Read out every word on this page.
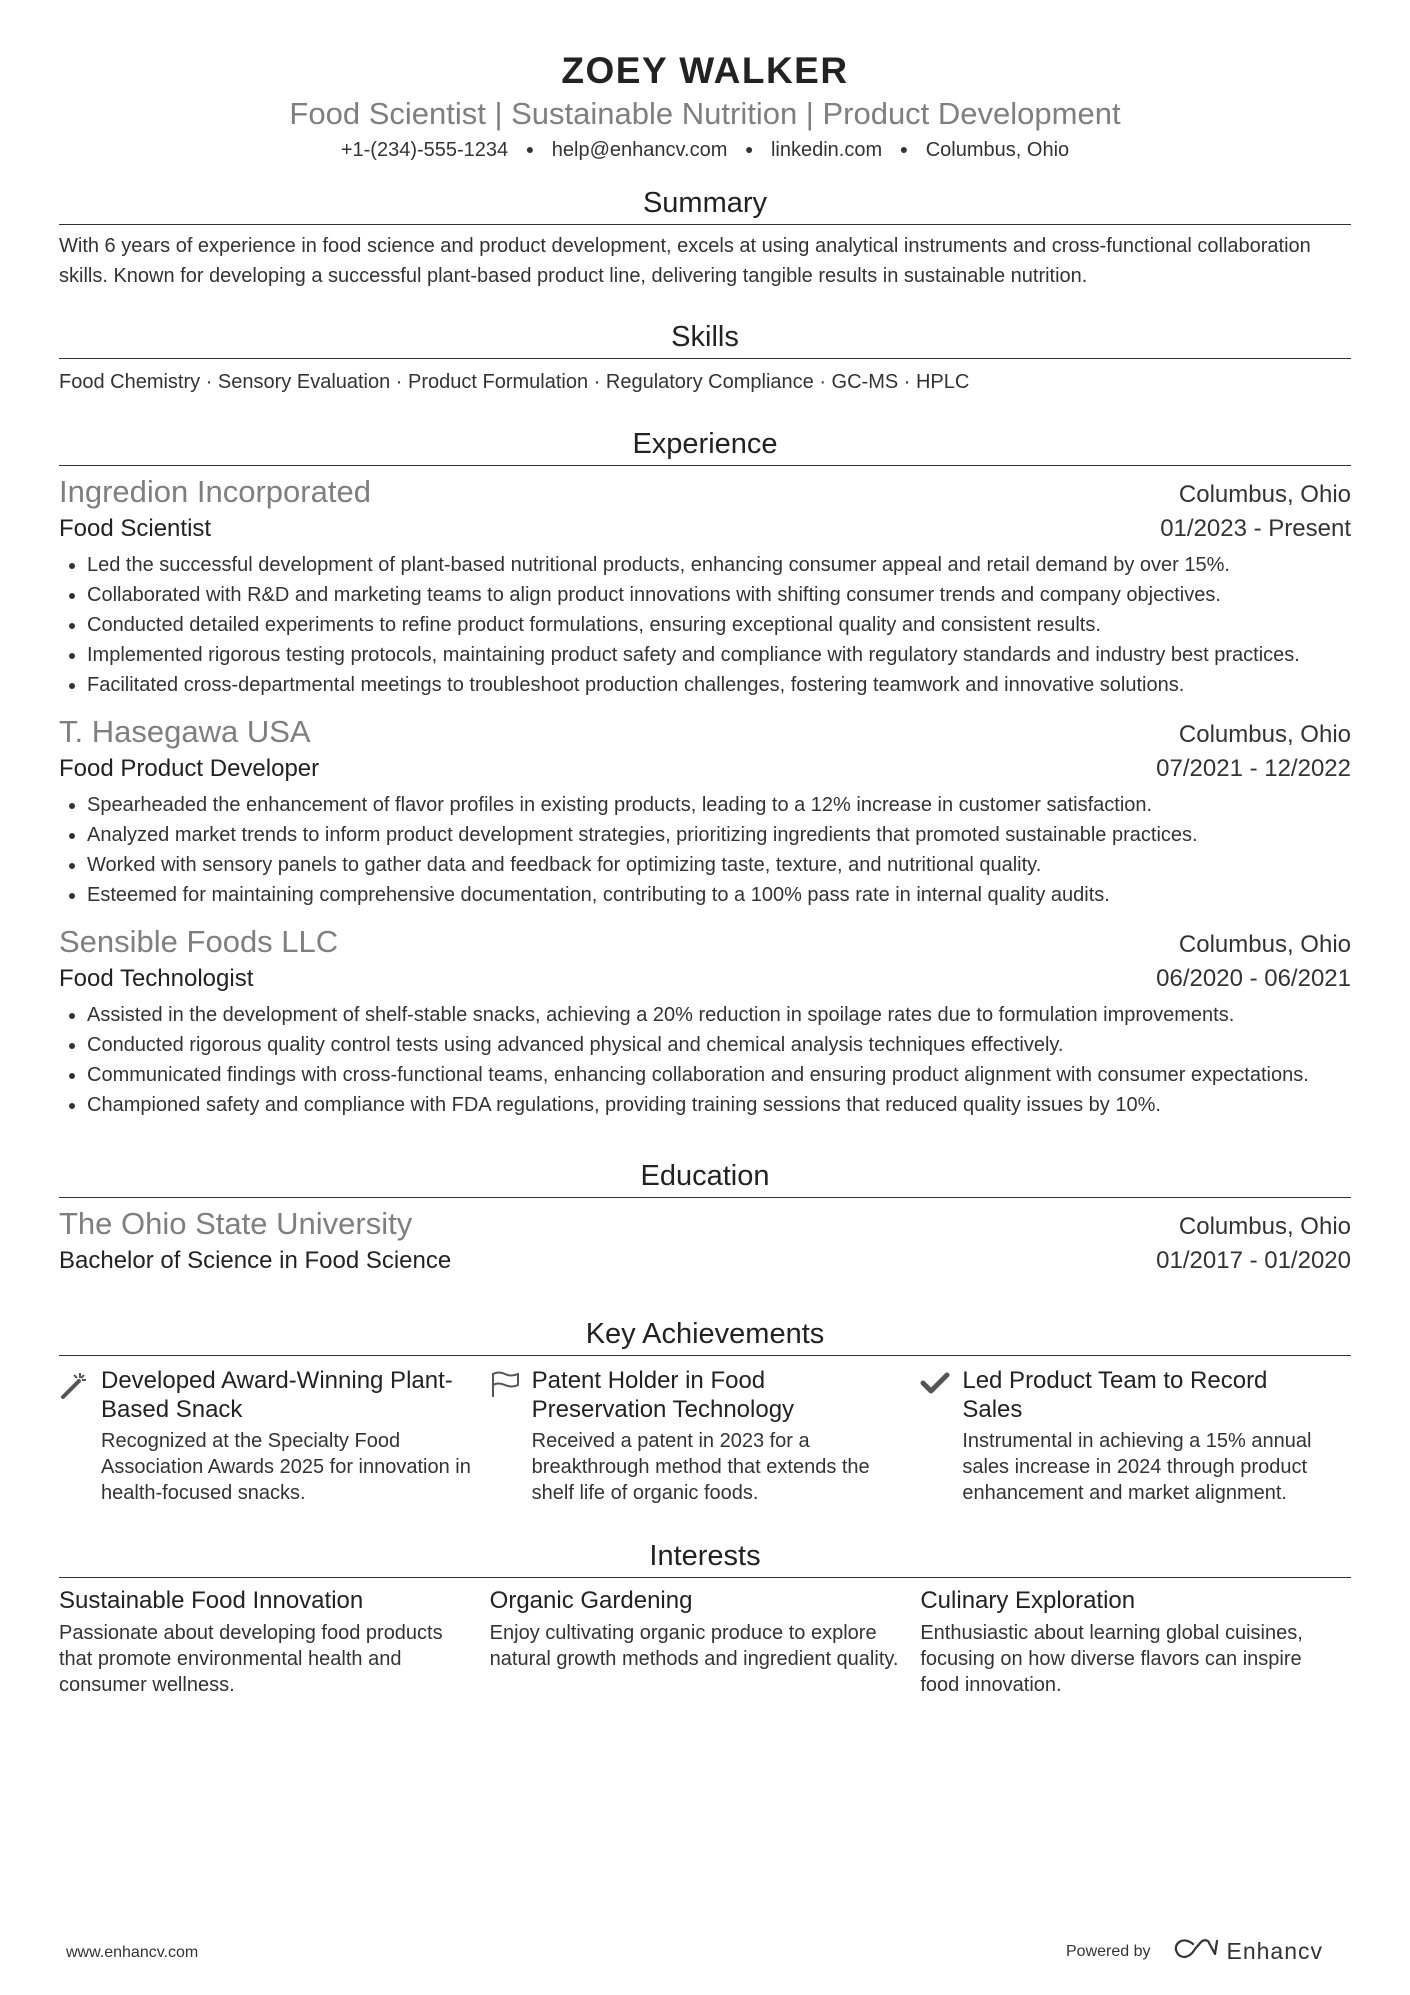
ZOEY WALKER
Food Scientist | Sustainable Nutrition | Product Development
+1-(234)-555-1234 ● help@enhancv.com ● linkedin.com ● Columbus, Ohio
Summary
With 6 years of experience in food science and product development, excels at using analytical instruments and cross-functional collaboration skills. Known for developing a successful plant-based product line, delivering tangible results in sustainable nutrition.
Skills
Food Chemistry · Sensory Evaluation · Product Formulation · Regulatory Compliance · GC-MS · HPLC
Experience
Ingredion Incorporated	Columbus, Ohio
Food Scientist	01/2023 - Present
• Led the successful development of plant-based nutritional products, enhancing consumer appeal and retail demand by over 15%.
• Collaborated with R&D and marketing teams to align product innovations with shifting consumer trends and company objectives.
• Conducted detailed experiments to refine product formulations, ensuring exceptional quality and consistent results.
• Implemented rigorous testing protocols, maintaining product safety and compliance with regulatory standards and industry best practices.
• Facilitated cross-departmental meetings to troubleshoot production challenges, fostering teamwork and innovative solutions.
T. Hasegawa USA	Columbus, Ohio
Food Product Developer	07/2021 - 12/2022
• Spearheaded the enhancement of flavor profiles in existing products, leading to a 12% increase in customer satisfaction.
• Analyzed market trends to inform product development strategies, prioritizing ingredients that promoted sustainable practices.
• Worked with sensory panels to gather data and feedback for optimizing taste, texture, and nutritional quality.
• Esteemed for maintaining comprehensive documentation, contributing to a 100% pass rate in internal quality audits.
Sensible Foods LLC	Columbus, Ohio
Food Technologist	06/2020 - 06/2021
• Assisted in the development of shelf-stable snacks, achieving a 20% reduction in spoilage rates due to formulation improvements.
• Conducted rigorous quality control tests using advanced physical and chemical analysis techniques effectively.
• Communicated findings with cross-functional teams, enhancing collaboration and ensuring product alignment with consumer expectations.
• Championed safety and compliance with FDA regulations, providing training sessions that reduced quality issues by 10%.
Education
The Ohio State University	Columbus, Ohio
Bachelor of Science in Food Science	01/2017 - 01/2020
Key Achievements
Developed Award-Winning Plant-Based Snack
Recognized at the Specialty Food Association Awards 2025 for innovation in health-focused snacks.
Patent Holder in Food Preservation Technology
Received a patent in 2023 for a breakthrough method that extends the shelf life of organic foods.
Led Product Team to Record Sales
Instrumental in achieving a 15% annual sales increase in 2024 through product enhancement and market alignment.
Interests
Sustainable Food Innovation
Passionate about developing food products that promote environmental health and consumer wellness.
Organic Gardening
Enjoy cultivating organic produce to explore natural growth methods and ingredient quality.
Culinary Exploration
Enthusiastic about learning global cuisines, focusing on how diverse flavors can inspire food innovation.
www.enhancv.com	Powered by	Enhancv
